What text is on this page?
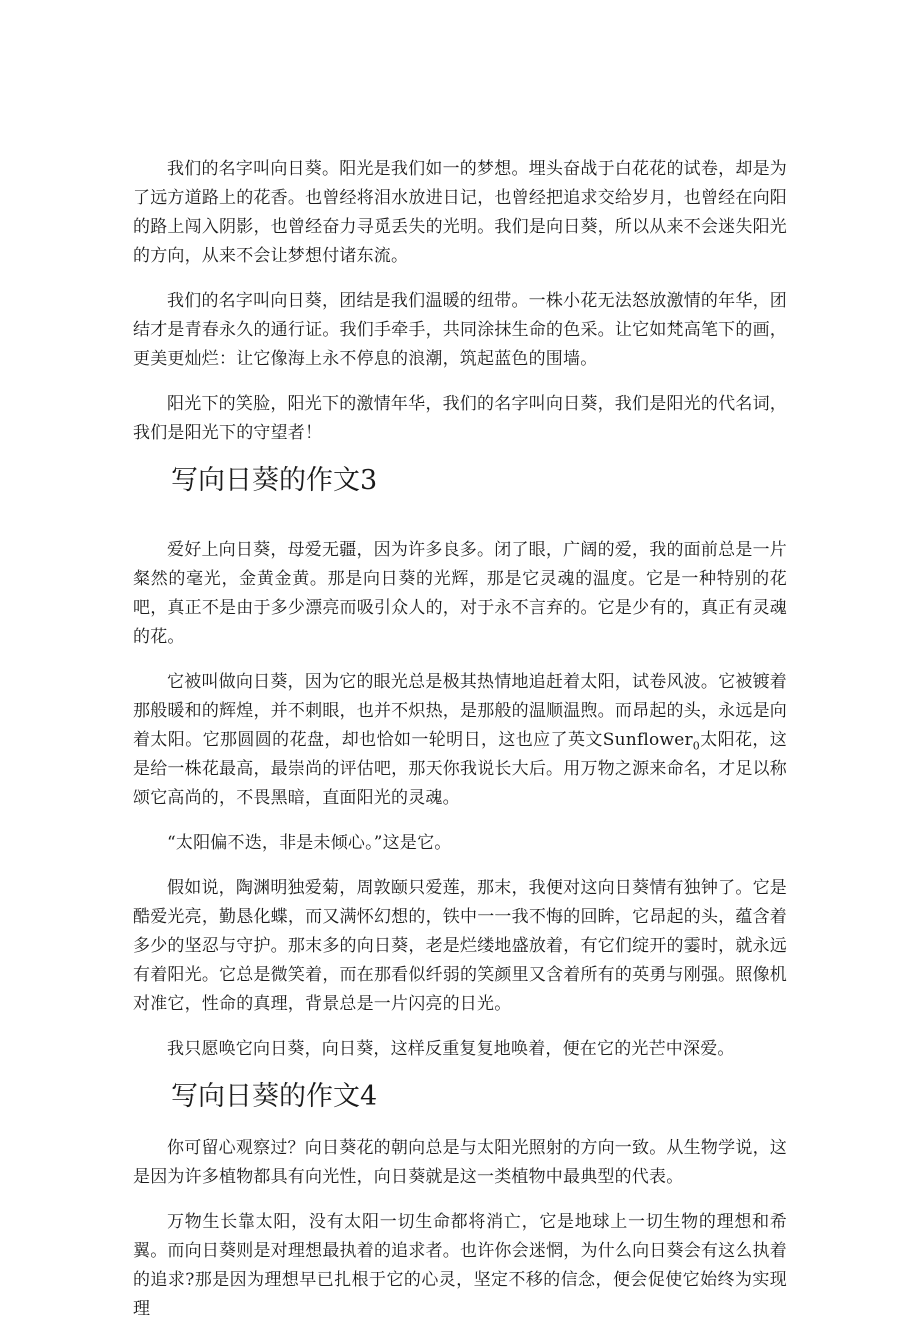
我们的名字叫向日葵。阳光是我们如一的梦想。埋头奋战于白花花的试卷，却是为了远方道路上的花香。也曾经将泪水放进日记，也曾经把追求交给岁月，也曾经在向阳的路上闯入阴影，也曾经奋力寻觅丢失的光明。我们是向日葵，所以从来不会迷失阳光的方向，从来不会让梦想付诸东流。

我们的名字叫向日葵，团结是我们温暖的纽带。一株小花无法怒放激情的年华，团结才是青春永久的通行证。我们手牵手，共同涂抹生命的色采。让它如梵高笔下的画，更美更灿烂：让它像海上永不停息的浪潮，筑起蓝色的围墙。

阳光下的笑脸，阳光下的激情年华，我们的名字叫向日葵，我们是阳光的代名词，我们是阳光下的守望者！

写向日葵的作文3

爱好上向日葵，母爱无疆，因为许多良多。闭了眼，广阔的爱，我的面前总是一片粲然的毫光，金黄金黄。那是向日葵的光辉，那是它灵魂的温度。它是一种特别的花吧，真正不是由于多少漂亮而吸引众人的，对于永不言弃的。它是少有的，真正有灵魂的花。

它被叫做向日葵，因为它的眼光总是极其热情地追赶着太阳，试卷风波。它被镀着那般暖和的辉煌，并不刺眼，也并不炽热，是那般的温顺温煦。而昂起的头，永远是向着太阳。它那圆圆的花盘，却也恰如一轮明日，这也应了英文Sunflower$_0$太阳花，这是给一株花最高，最崇尚的评估吧，那天你我说长大后。用万物之源来命名，才足以称颂它高尚的，不畏黑暗，直面阳光的灵魂。

“太阳偏不迭，非是未倾心。”这是它。

假如说，陶渊明独爱菊，周敦颐只爱莲，那末，我便对这向日葵情有独钟了。它是酷爱光亮，勤恳化蝶，而又满怀幻想的，铁中一一我不悔的回眸，它昂起的头，蕴含着多少的坚忍与守护。那末多的向日葵，老是烂缕地盛放着，有它们绽开的霎时，就永远有着阳光。它总是微笑着，而在那看似纤弱的笑颜里又含着所有的英勇与刚强。照像机对准它，性命的真理，背景总是一片闪亮的日光。

我只愿唤它向日葵，向日葵，这样反重复复地唤着，便在它的光芒中深爱。

写向日葵的作文4

你可留心观察过？向日葵花的朝向总是与太阳光照射的方向一致。从生物学说，这是因为许多植物都具有向光性，向日葵就是这一类植物中最典型的代表。

万物生长靠太阳，没有太阳一切生命都将消亡，它是地球上一切生物的理想和希翼。而向日葵则是对理想最执着的追求者。也许你会迷惘，为什么向日葵会有这么执着的追求?那是因为理想早已扎根于它的心灵，坚定不移的信念，便会促使它始终为实现理
